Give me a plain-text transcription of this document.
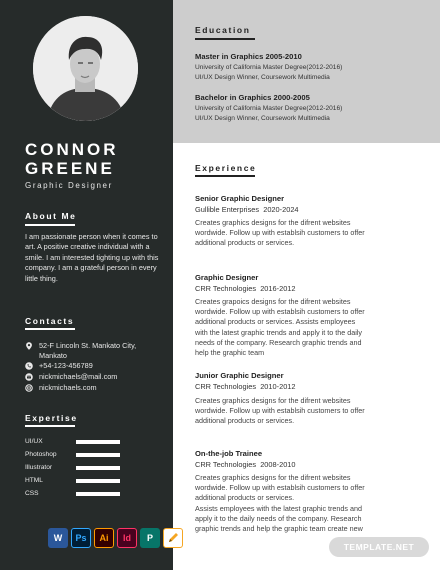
CONNOR
GREENE
Graphic Designer
About Me
I am passionate person when it comes to art. A positive creative individual with a smile. I am interested tighting up with this company. I am a grateful person in every little thing.
Contacts
52-F Lincoln St. Mankato City,
Mankato
+54-123-456789
nickmichaels@mail.com
nickmichaels.com
Expertise
UI/UX
Photoshop
Illustrator
HTML
CSS
W	Ps	Ai	Id	P
Education
Master in Graphics 2005-2010
University of California Master Degree(2012-2016)
UI/UX Design Winner, Coursework Multimedia
Bachelor in Graphics 2000-2005
University of California Master Degree(2012-2016)
UI/UX Design Winner, Coursework Multimedia
Experience
Senior Graphic Designer
Gullible Enterprises 2020-2024
Creates graphics designs for the difrent websites
wordwide. Follow up with establsih customers to offer
additional products or services.
Graphic Designer
CRR Technologies 2016-2012
Creates grapoics designs for the difrent websites
wordwide. Follow up with establsih customers to offer
additional products or services. Assists employees
with the latest graphic trends and apply it to the daily
needs of the company. Research graphic trends and
help the graphic team
Junior Graphic Designer
CRR Technologies 2010-2012
Creates graphics designs for the difrent websites
wordwide. Follow up with establsih customers to offer
additional products or services.
On-the-job Trainee
CRR Technologies 2008-2010
Creates graphics designs for the difrent websites
wordwide. Follow up with establsih customers to offer
additional products or services.
Assists employees with the latest graphic trends and
apply it to the daily needs of the company. Research
graphic trends and help the graphic team create new
TEMPLATE.NET
